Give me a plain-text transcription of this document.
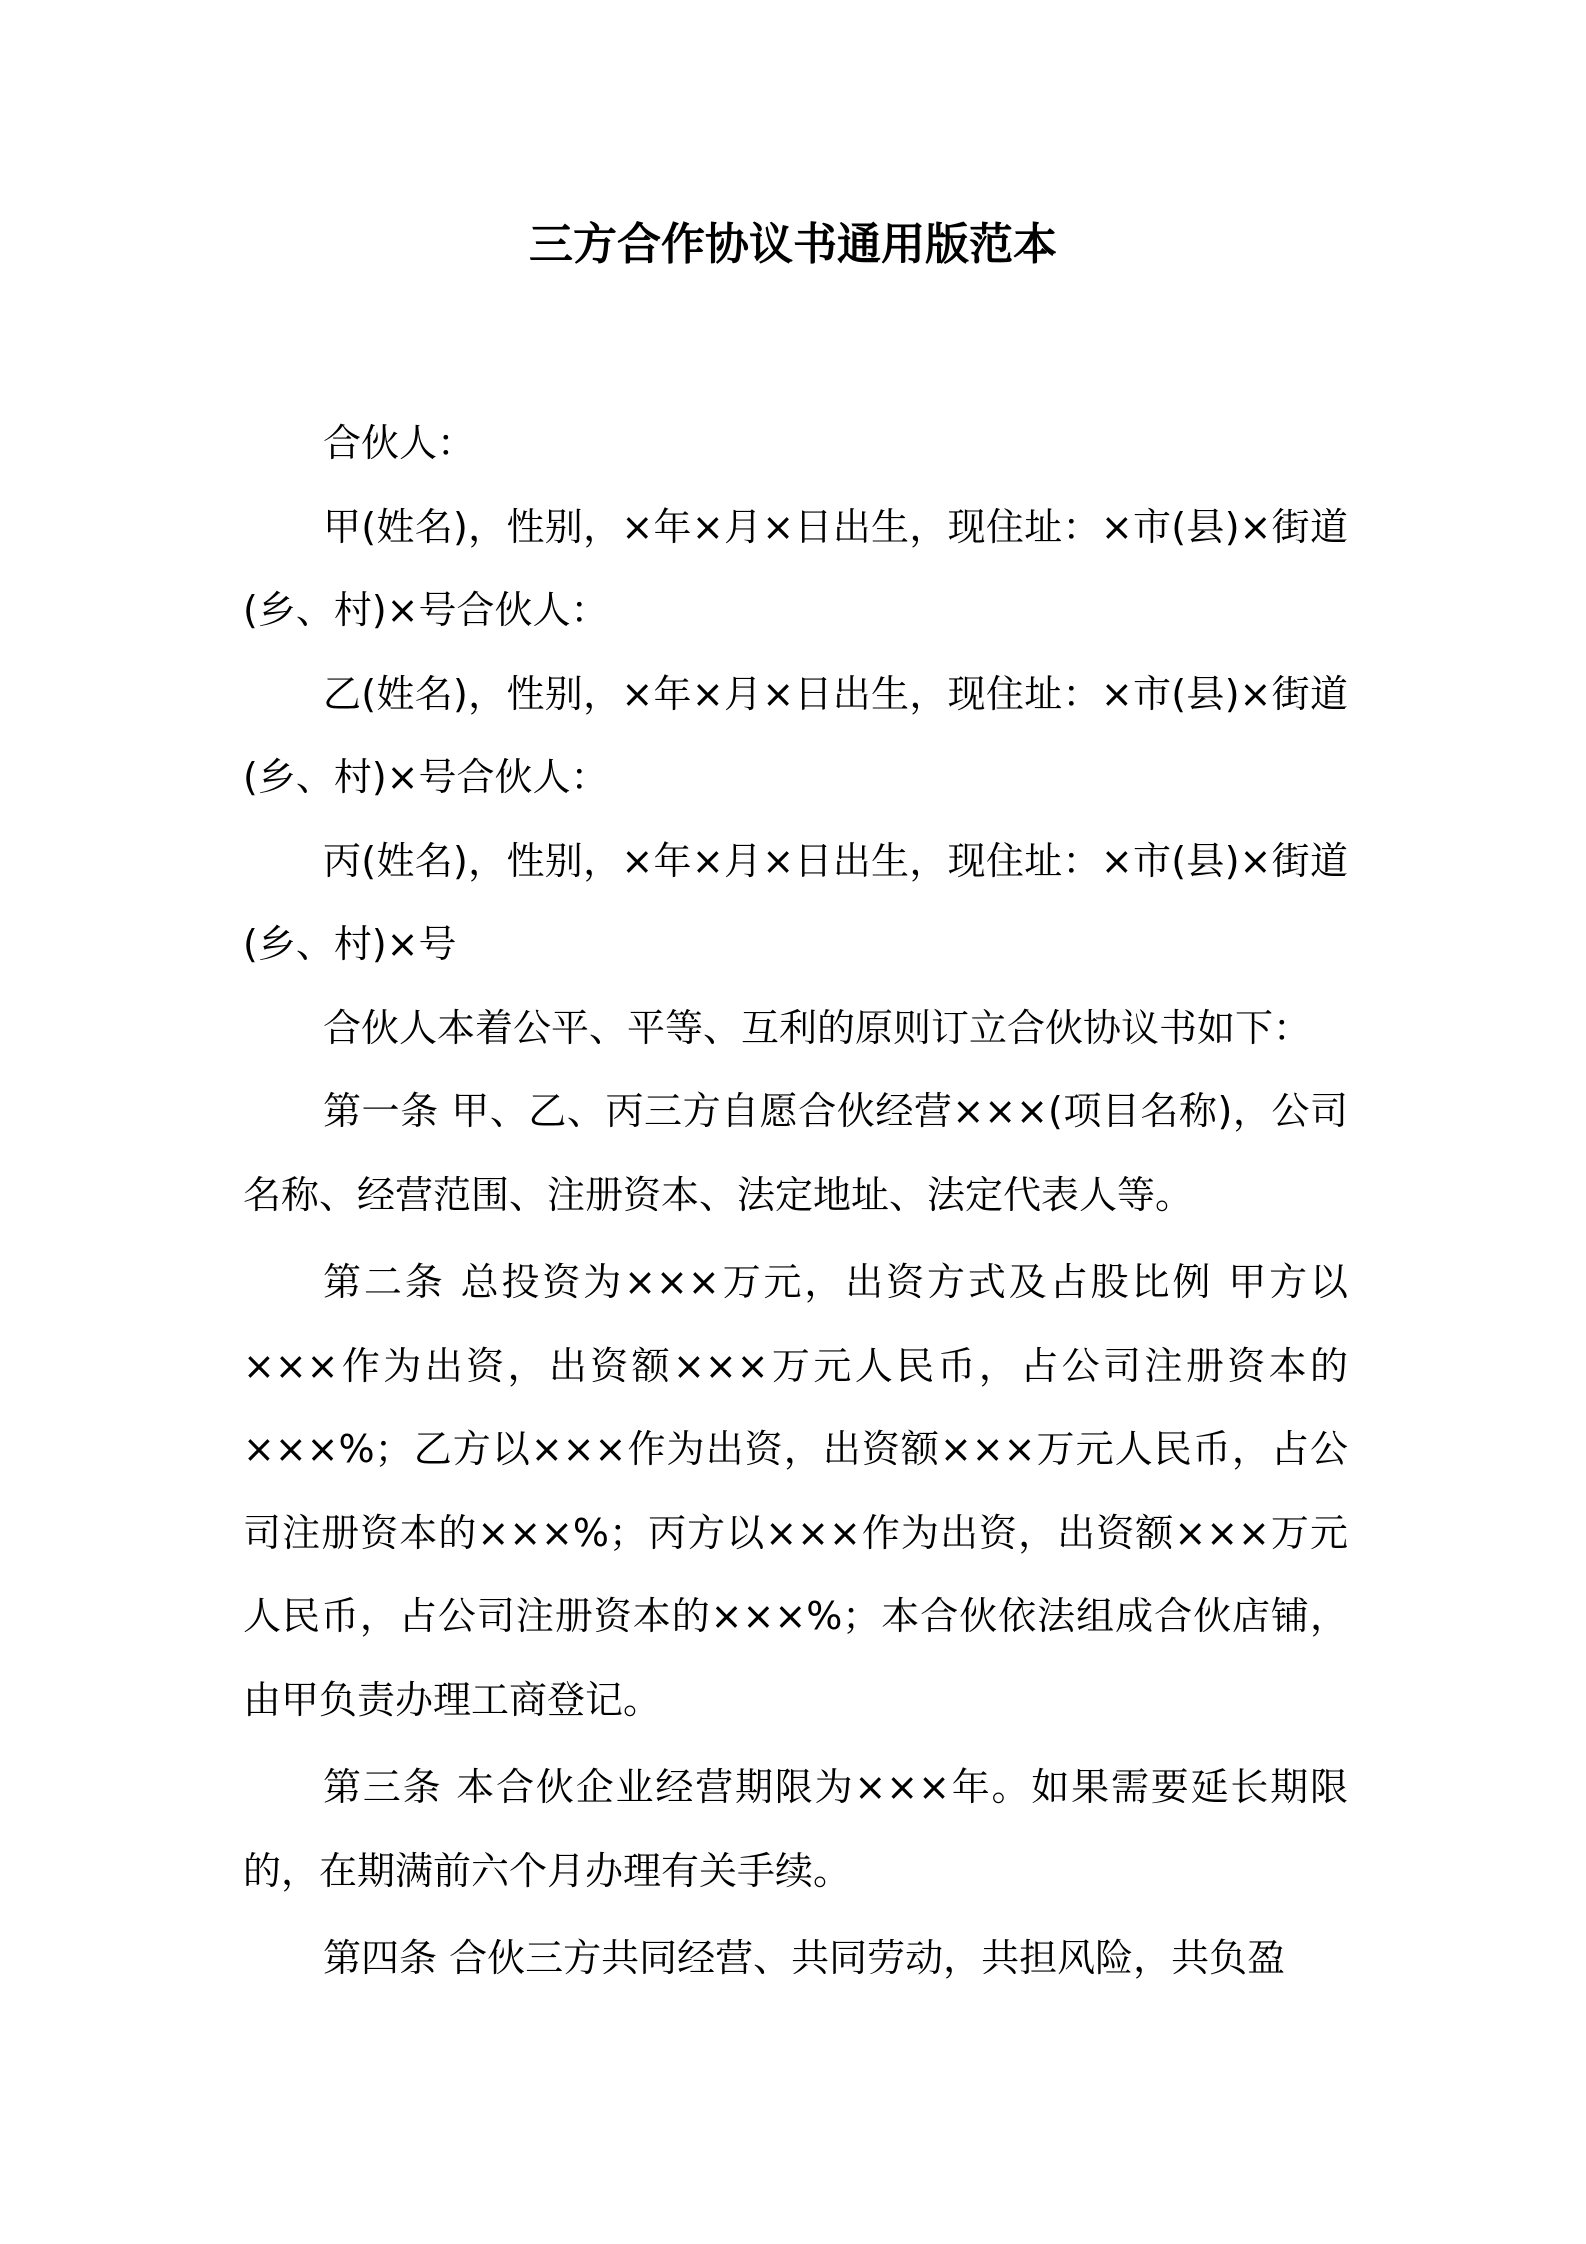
三方合作协议书通用版范本

合伙人：

甲(姓名)，性别，×年×月×日出生，现住址：×市(县)×街道(乡、村)×号合伙人：

乙(姓名)，性别，×年×月×日出生，现住址：×市(县)×街道(乡、村)×号合伙人：

丙(姓名)，性别，×年×月×日出生，现住址：×市(县)×街道(乡、村)×号

合伙人本着公平、平等、互利的原则订立合伙协议书如下：

第一条 甲、乙、丙三方自愿合伙经营×××(项目名称)，公司名称、经营范围、注册资本、法定地址、法定代表人等。

第二条 总投资为×××万元，出资方式及占股比例 甲方以×××作为出资，出资额×××万元人民币，占公司注册资本的×××%；乙方以×××作为出资，出资额×××万元人民币，占公司注册资本的×××%；丙方以×××作为出资，出资额×××万元人民币，占公司注册资本的×××%；本合伙依法组成合伙店铺，由甲负责办理工商登记。

第三条 本合伙企业经营期限为×××年。如果需要延长期限的，在期满前六个月办理有关手续。

第四条 合伙三方共同经营、共同劳动，共担风险，共负盈
